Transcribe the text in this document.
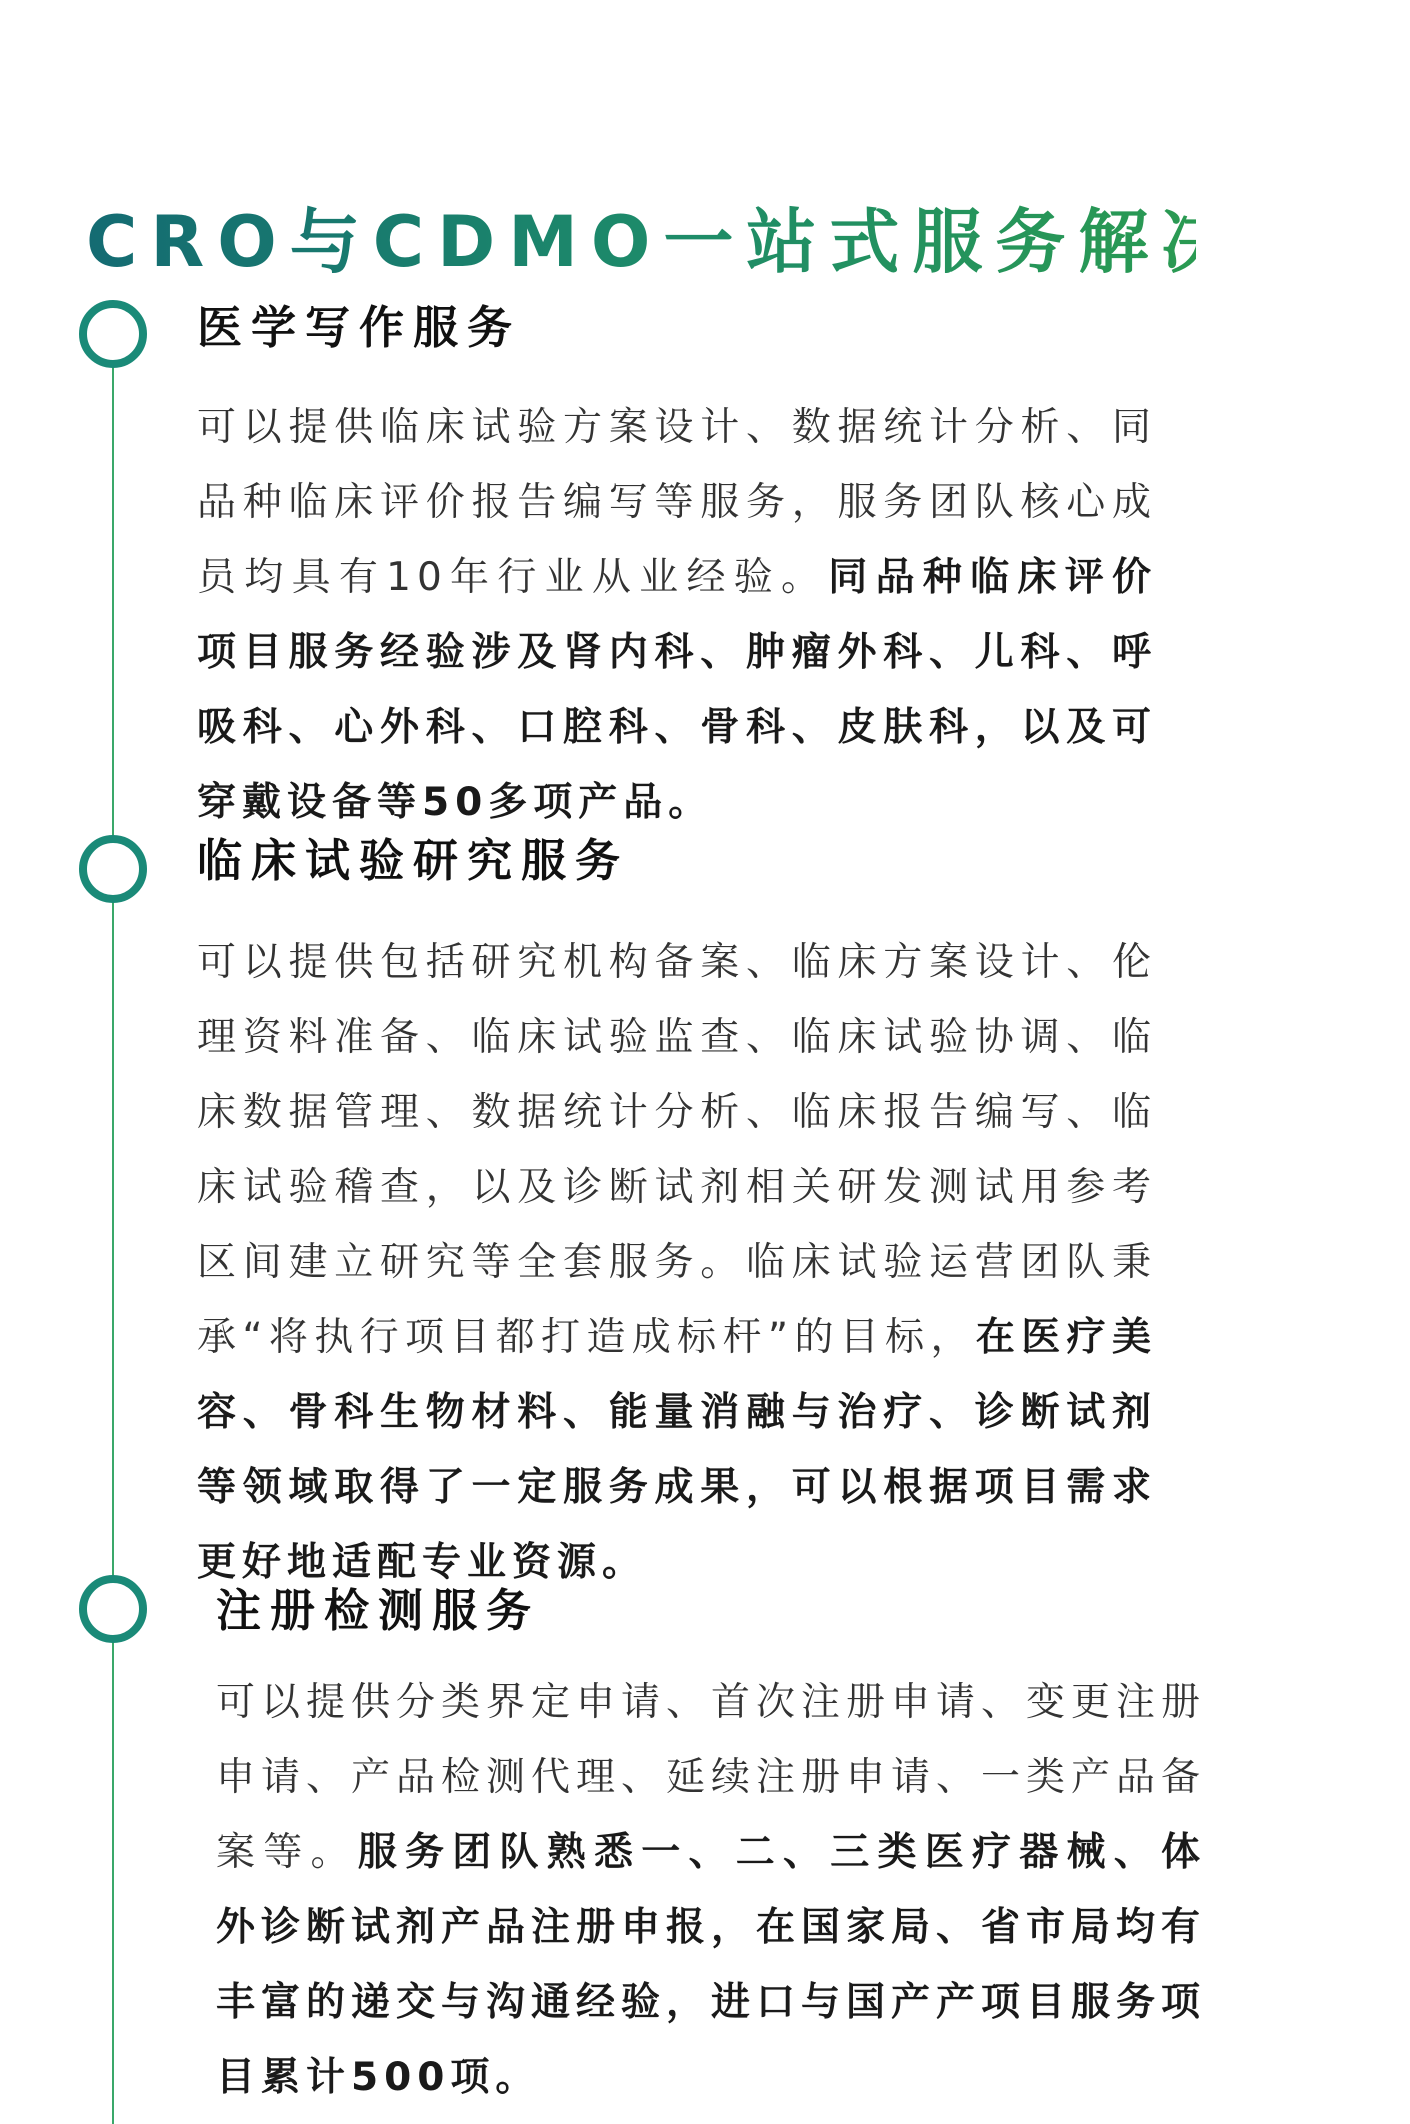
CRO与CDMO一站式服务解决方案
医学写作服务
可以提供临床试验方案设计、数据统计分析、同品种临床评价报告编写等服务，服务团队核心成员均具有10年行业从业经验。同品种临床评价项目服务经验涉及肾内科、肿瘤外科、儿科、呼吸科、心外科、口腔科、骨科、皮肤科，以及可穿戴设备等50多项产品。
临床试验研究服务
可以提供包括研究机构备案、临床方案设计、伦理资料准备、临床试验监查、临床试验协调、临床数据管理、数据统计分析、临床报告编写、临床试验稽查，以及诊断试剂相关研发测试用参考区间建立研究等全套服务。临床试验运营团队秉承“将执行项目都打造成标杆”的目标，在医疗美容、骨科生物材料、能量消融与治疗、诊断试剂等领域取得了一定服务成果，可以根据项目需求更好地适配专业资源。
注册检测服务
可以提供分类界定申请、首次注册申请、变更注册申请、产品检测代理、延续注册申请、一类产品备案等。服务团队熟悉一、二、三类医疗器械、体外诊断试剂产品注册申报，在国家局、省市局均有丰富的递交与沟通经验，进口与国产产项目服务项目累计500项。
